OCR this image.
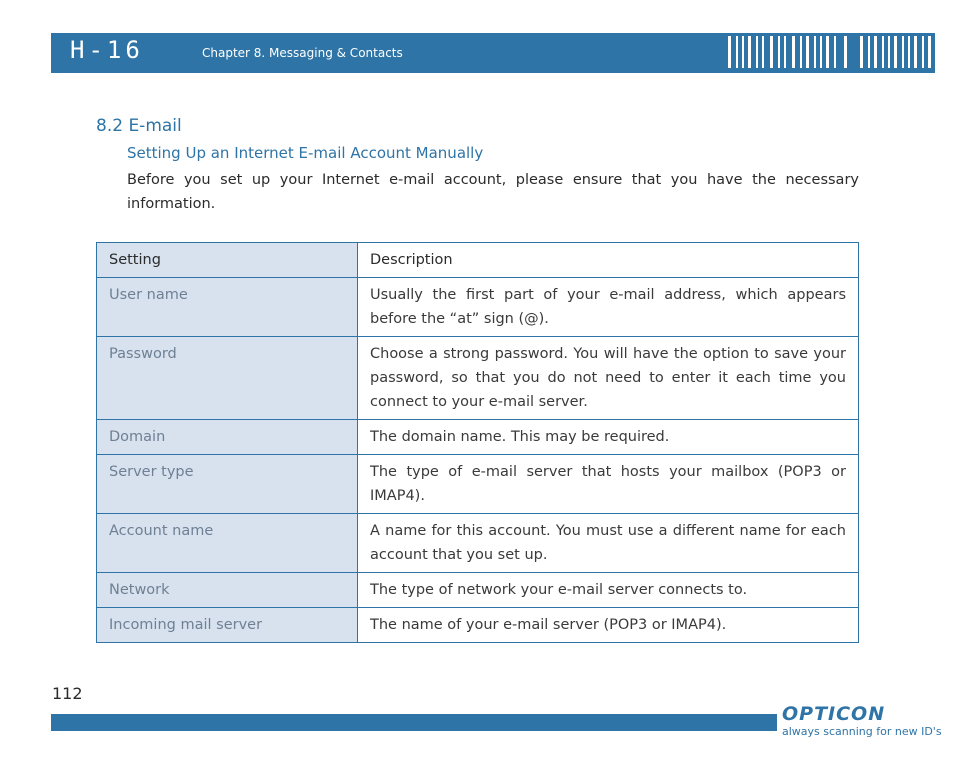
H-16	Chapter 8. Messaging & Contacts
8.2 E-mail
Setting Up an Internet E-mail Account Manually
Before you set up your Internet e-mail account, please ensure that you have the necessary information.
Setting	Description
User name	Usually the first part of your e-mail address, which appears before the “at” sign (@).
Password	Choose a strong password. You will have the option to save your password, so that you do not need to enter it each time you connect to your e-mail server.
Domain	The domain name. This may be required.
Server type	The type of e-mail server that hosts your mailbox (POP3 or IMAP4).
Account name	A name for this account. You must use a different name for each account that you set up.
Network	The type of network your e-mail server connects to.
Incoming mail server	The name of your e-mail server (POP3 or IMAP4).
112
OPTICON
always scanning for new ID's
